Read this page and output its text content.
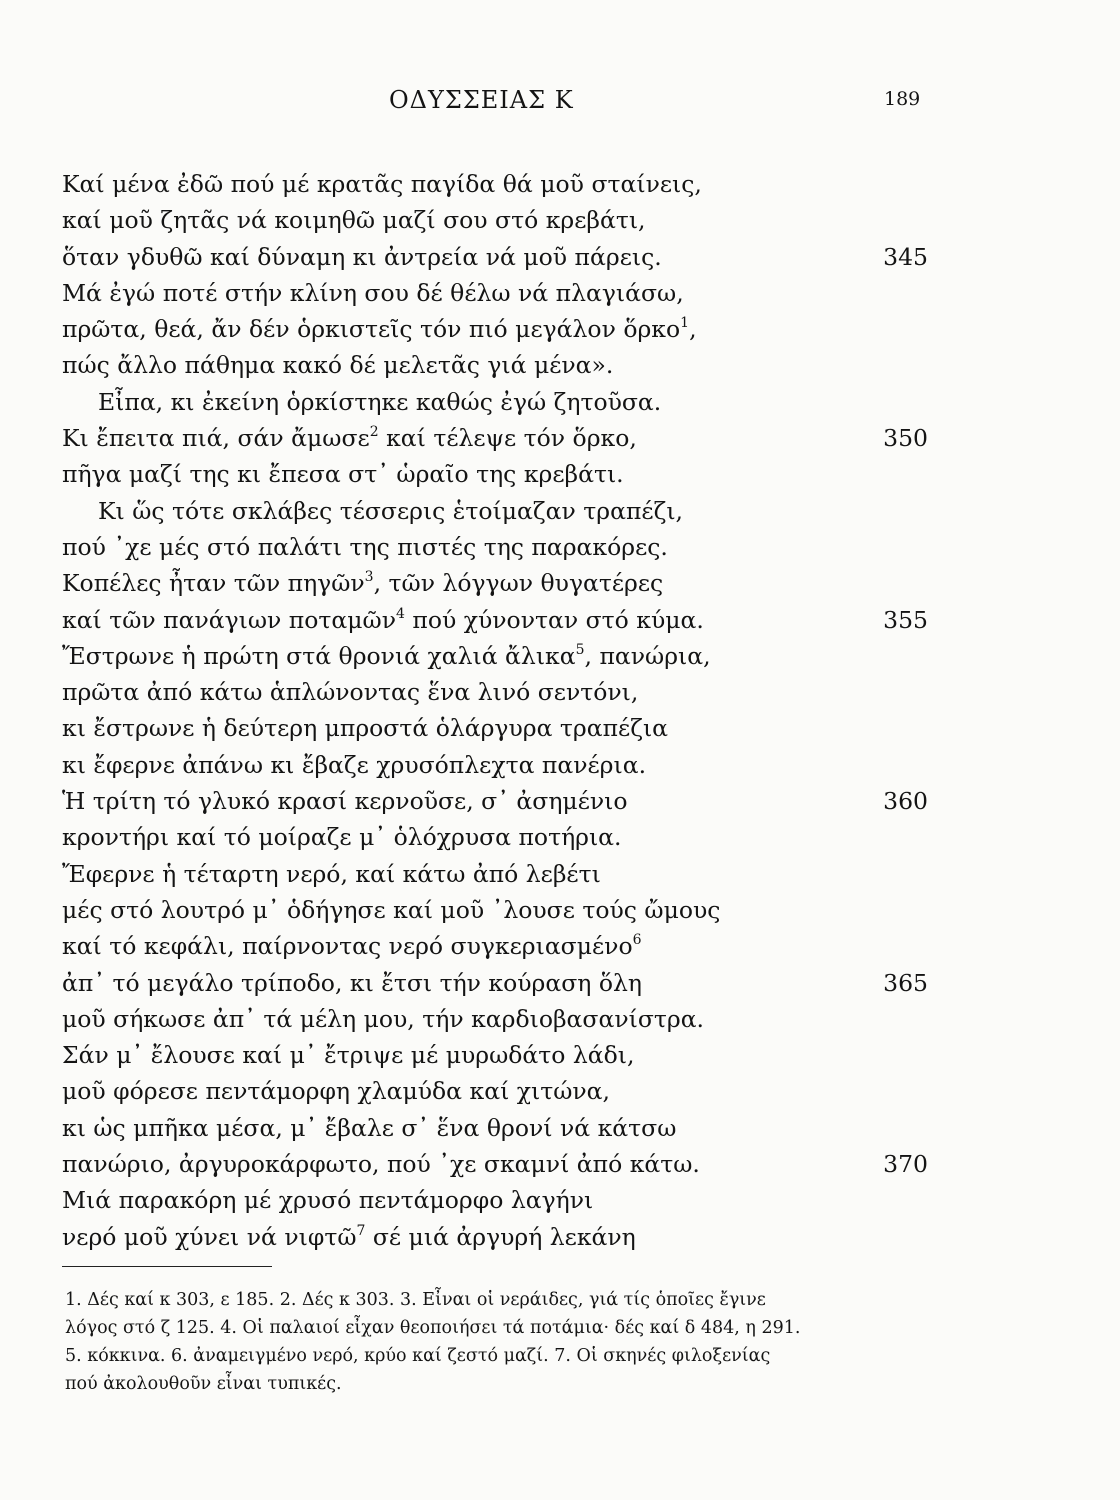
ΟΔΥΣΣΕΙΑΣ Κ	189
Καί μένα ἐδῶ πού μέ κρατᾶς παγίδα θά μοῦ σταίνεις,
καί μοῦ ζητᾶς νά κοιμηθῶ μαζί σου στό κρεβάτι,
ὅταν γδυθῶ καί δύναμη κι ἀντρεία νά μοῦ πάρεις.	345
Μά ἐγώ ποτέ στήν κλίνη σου δέ θέλω νά πλαγιάσω,
πρῶτα, θεά, ἄν δέν ὁρκιστεῖς τόν πιό μεγάλον ὅρκο$^1$,
πώς ἄλλο πάθημα κακό δέ μελετᾶς γιά μένα».
Εἶπα, κι ἐκείνη ὁρκίστηκε καθώς ἐγώ ζητοῦσα.
Κι ἔπειτα πιά, σάν ἄμωσε$^2$ καί τέλεψε τόν ὅρκο,	350
πῆγα μαζί της κι ἔπεσα στ᾽ ὡραῖο της κρεβάτι.
Κι ὥς τότε σκλάβες τέσσερις ἑτοίμαζαν τραπέζι,
πού ᾽χε μές στό παλάτι της πιστές της παρακόρες.
Κοπέλες ἦταν τῶν πηγῶν$^3$, τῶν λόγγων θυγατέρες
καί τῶν πανάγιων ποταμῶν$^4$ πού χύνονταν στό κύμα.	355
Ἔστρωνε ἡ πρώτη στά θρονιά χαλιά ἄλικα$^5$, πανώρια,
πρῶτα ἀπό κάτω ἁπλώνοντας ἕνα λινό σεντόνι,
κι ἔστρωνε ἡ δεύτερη μπροστά ὁλάργυρα τραπέζια
κι ἔφερνε ἀπάνω κι ἔβαζε χρυσόπλεχτα πανέρια.
Ἡ τρίτη τό γλυκό κρασί κερνοῦσε, σ᾽ ἀσημένιο	360
κροντήρι καί τό μοίραζε μ᾽ ὁλόχρυσα ποτήρια.
Ἔφερνε ἡ τέταρτη νερό, καί κάτω ἀπό λεβέτι
μές στό λουτρό μ᾽ ὁδήγησε καί μοῦ ᾽λουσε τούς ὤμους
καί τό κεφάλι, παίρνοντας νερό συγκεριασμένο$^6$
ἀπ᾽ τό μεγάλο τρίποδο, κι ἔτσι τήν κούραση ὅλη	365
μοῦ σήκωσε ἀπ᾽ τά μέλη μου, τήν καρδιοβασανίστρα.
Σάν μ᾽ ἔλουσε καί μ᾽ ἔτριψε μέ μυρωδάτο λάδι,
μοῦ φόρεσε πεντάμορφη χλαμύδα καί χιτώνα,
κι ὡς μπῆκα μέσα, μ᾽ ἔβαλε σ᾽ ἕνα θρονί νά κάτσω
πανώριο, ἀργυροκάρφωτο, πού ᾽χε σκαμνί ἀπό κάτω.	370
Μιά παρακόρη μέ χρυσό πεντάμορφο λαγήνι
νερό μοῦ χύνει νά νιφτῶ$^7$ σέ μιά ἀργυρή λεκάνη
1. Δές καί κ 303, ε 185. 2. Δές κ 303. 3. Εἶναι οἱ νεράιδες, γιά τίς ὁποῖες ἔγινε
λόγος στό ζ 125. 4. Οἱ παλαιοί εἶχαν θεοποιήσει τά ποτάμια· δές καί δ 484, η 291.
5. κόκκινα. 6. ἀναμειγμένο νερό, κρύο καί ζεστό μαζί. 7. Οἱ σκηνές φιλοξενίας
πού ἀκολουθοῦν εἶναι τυπικές.
